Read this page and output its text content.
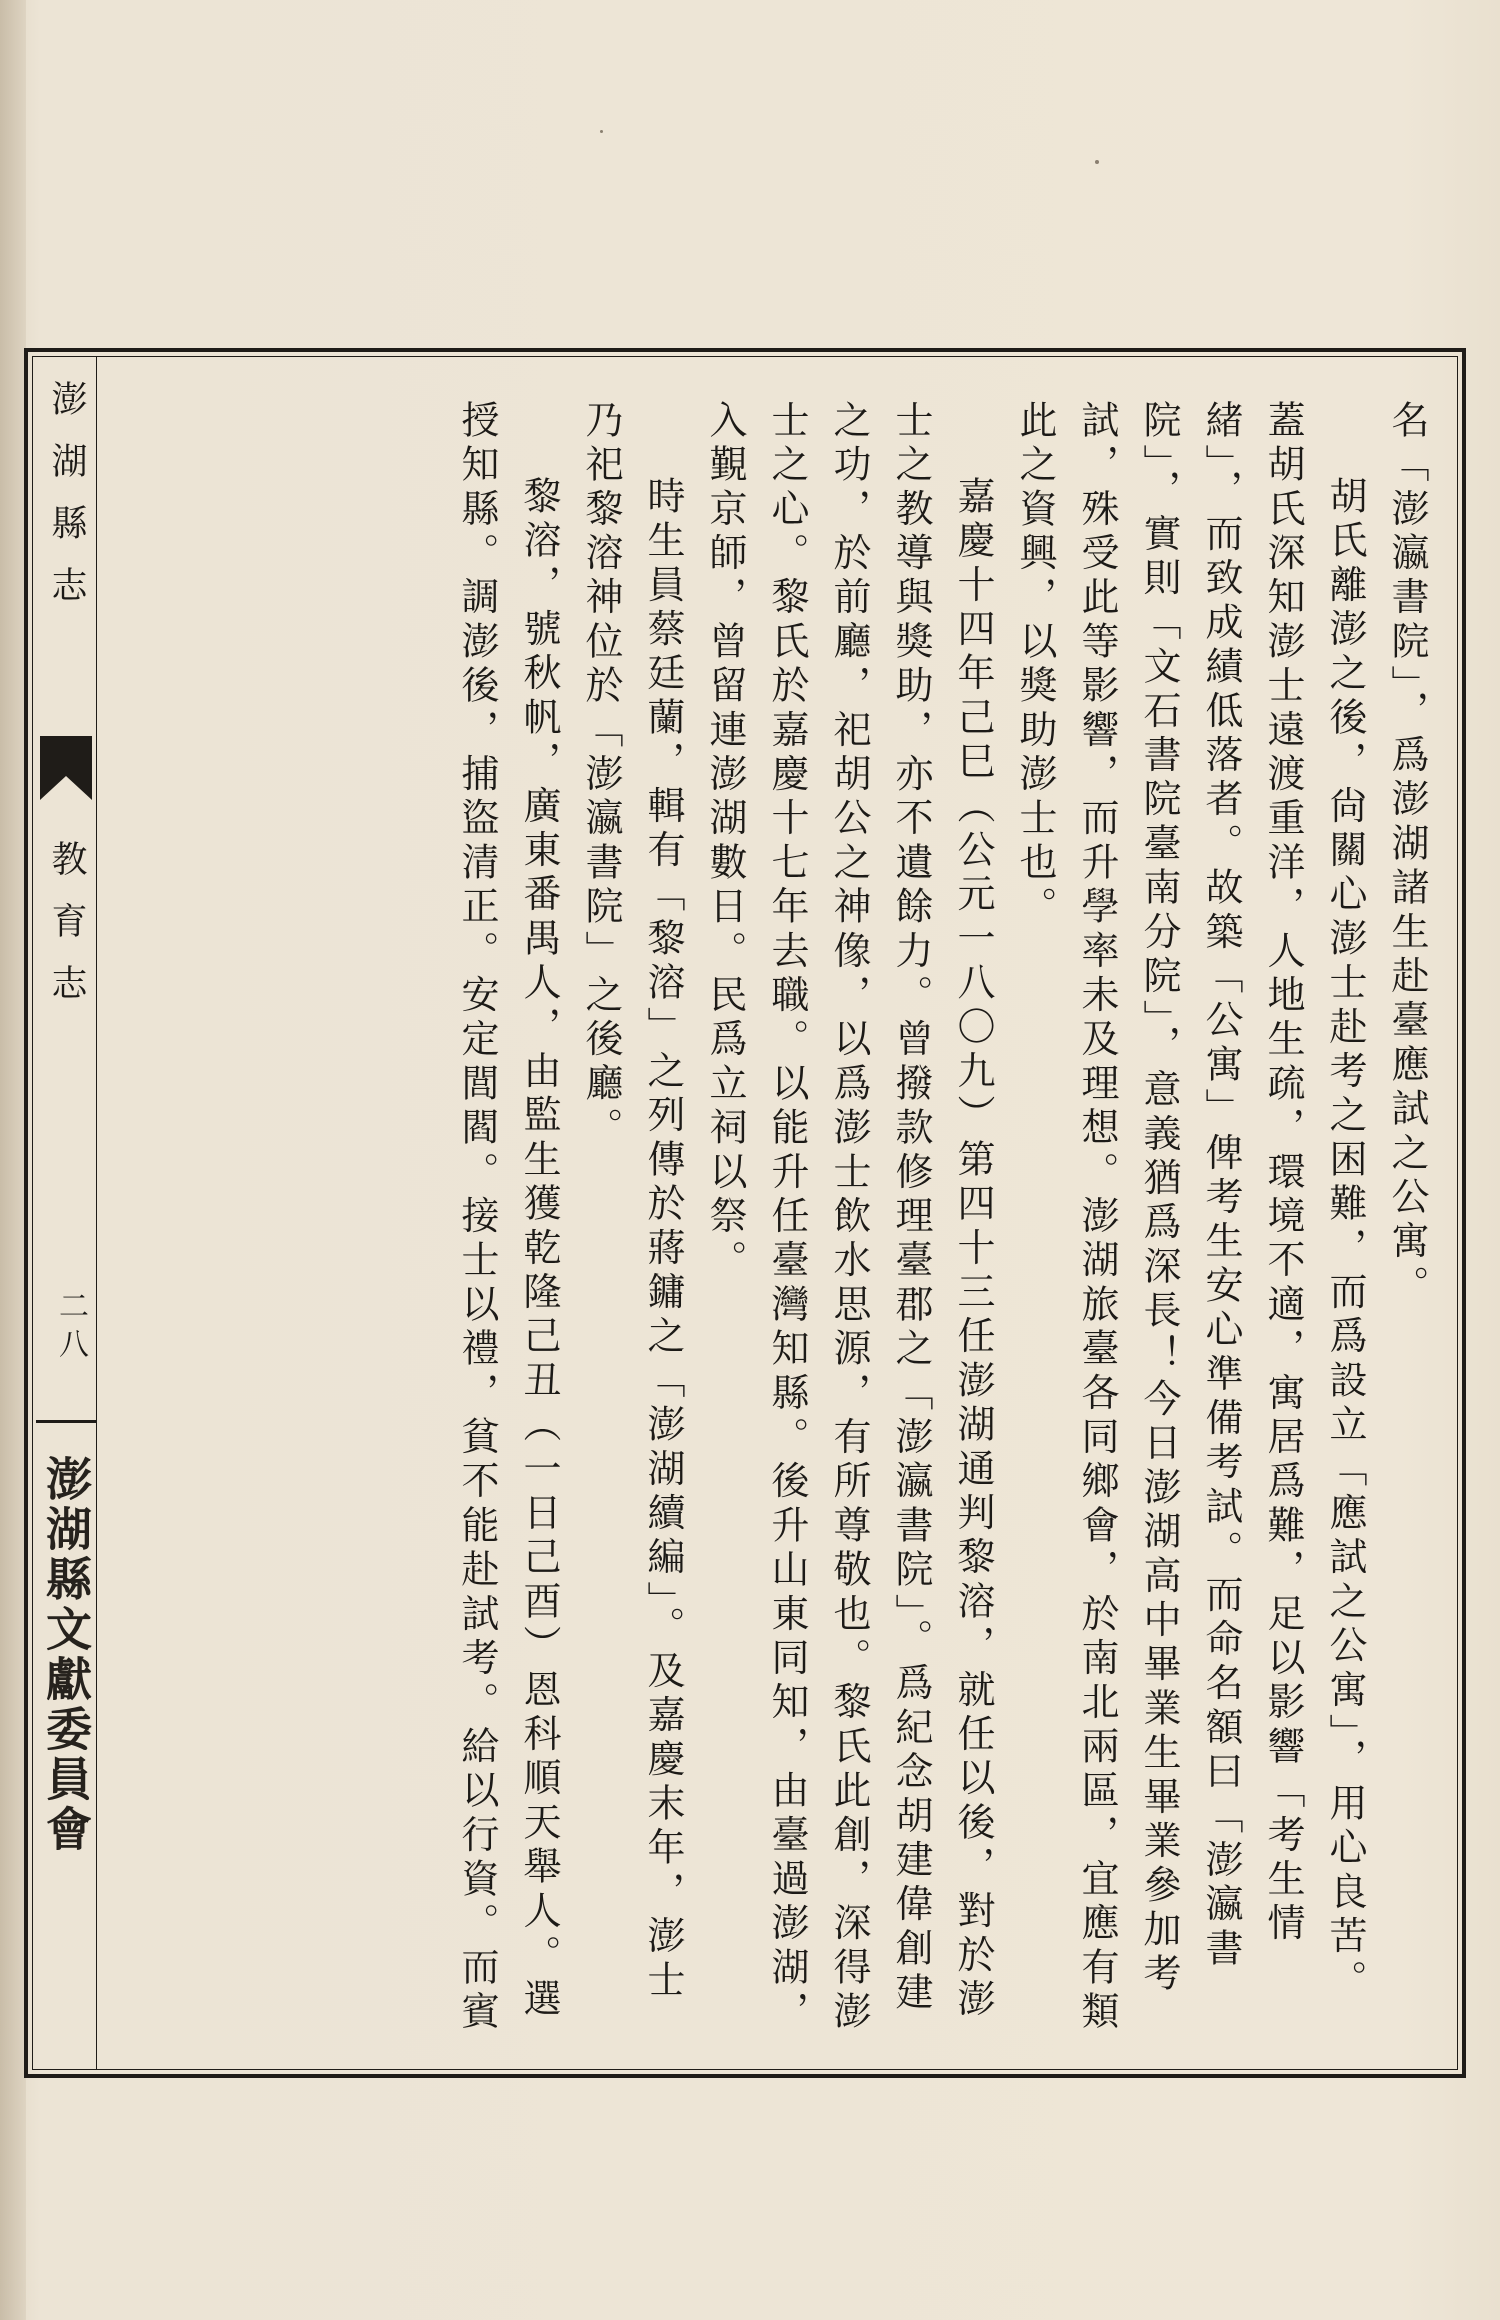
澎湖縣志
教育志
二八
澎湖縣文獻委員會

名「澎瀛書院」，爲澎湖諸生赴臺應試之公寓。

胡氏離澎之後，尙關心澎士赴考之困難，而爲設立「應試之公寓」，用心良苦。蓋胡氏深知澎士遠渡重洋，人地生疏，環境不適，寓居爲難，足以影響「考生情緒」，而致成績低落者。故築「公寓」俾考生安心準備考試。而命名額曰「澎瀛書院」，實則「文石書院臺南分院」，意義猶爲深長！今日澎湖高中畢業生畢業參加考試，殊受此等影響，而升學率未及理想。澎湖旅臺各同鄉會，於南北兩區，宜應有類此之資興，以獎助澎士也。

嘉慶十四年己巳（公元一八〇九）第四十三任澎湖通判黎溶，就任以後，對於澎士之教導與獎助，亦不遺餘力。曾撥款修理臺郡之「澎瀛書院」。爲紀念胡建偉創建之功，於前廳，祀胡公之神像，以爲澎士飲水思源，有所尊敬也。黎氏此創，深得澎士之心。黎氏於嘉慶十七年去職。以能升任臺灣知縣。後升山東同知，由臺過澎湖，入覲京師，曾留連澎湖數日。民爲立祠以祭。

時生員蔡廷蘭，輯有「黎溶」之列傳於蔣鏞之「澎湖續編」。及嘉慶末年，澎士乃祀黎溶神位於「澎瀛書院」之後廳。

黎溶，號秋帆，廣東番禺人，由監生獲乾隆己丑（一日己酉）恩科順天舉人。選授知縣。調澎後，捕盜清正。安定閭閻。接士以禮，貧不能赴試考。給以行資。而賓
